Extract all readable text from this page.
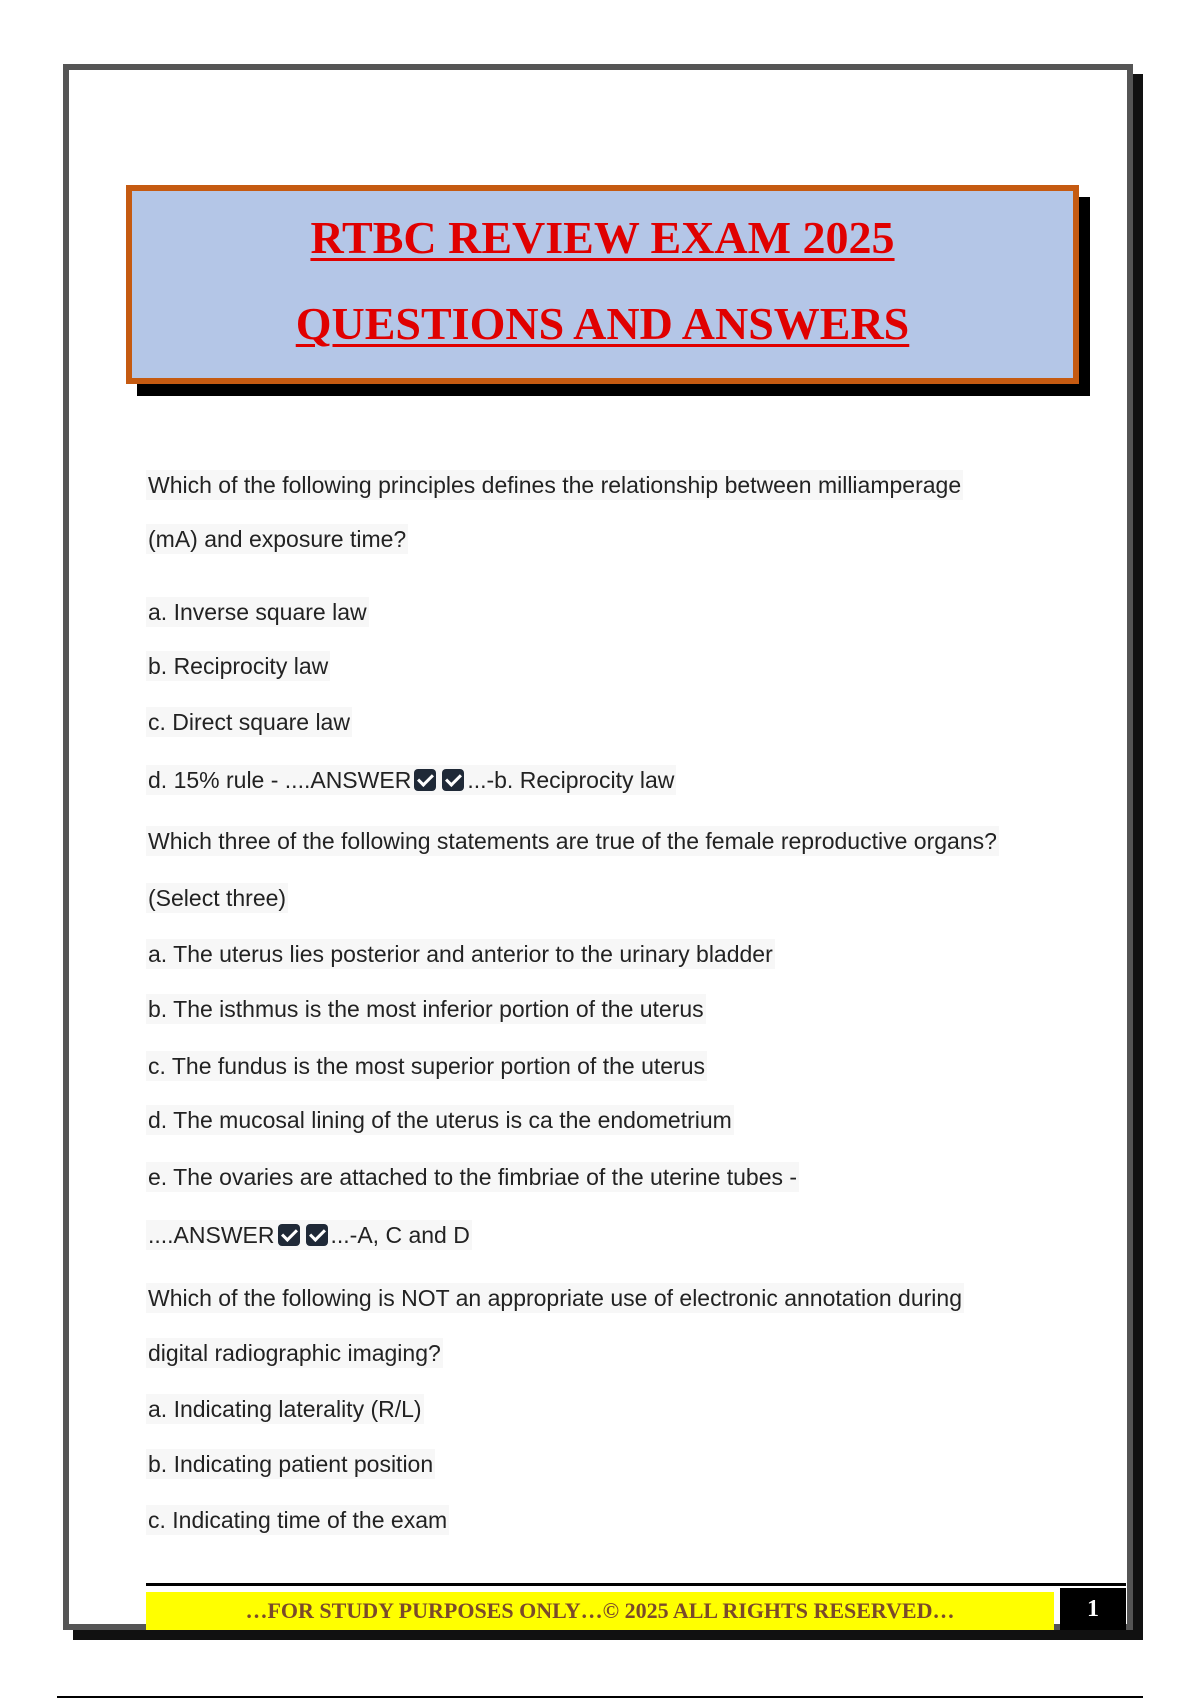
RTBC REVIEW EXAM 2025
QUESTIONS AND ANSWERS
Which of the following principles defines the relationship between milliamperage
(mA) and exposure time?
a. Inverse square law
b. Reciprocity law
c. Direct square law
d. 15% rule - ....ANSWER ...-b. Reciprocity law
Which three of the following statements are true of the female reproductive organs?
(Select three)
a. The uterus lies posterior and anterior to the urinary bladder
b. The isthmus is the most inferior portion of the uterus
c. The fundus is the most superior portion of the uterus
d. The mucosal lining of the uterus is ca the endometrium
e. The ovaries are attached to the fimbriae of the uterine tubes -
....ANSWER ...-A, C and D
Which of the following is NOT an appropriate use of electronic annotation during
digital radiographic imaging?
a. Indicating laterality (R/L)
b. Indicating patient position
c. Indicating time of the exam
…FOR STUDY PURPOSES ONLY…© 2025 ALL RIGHTS RESERVED…	1
